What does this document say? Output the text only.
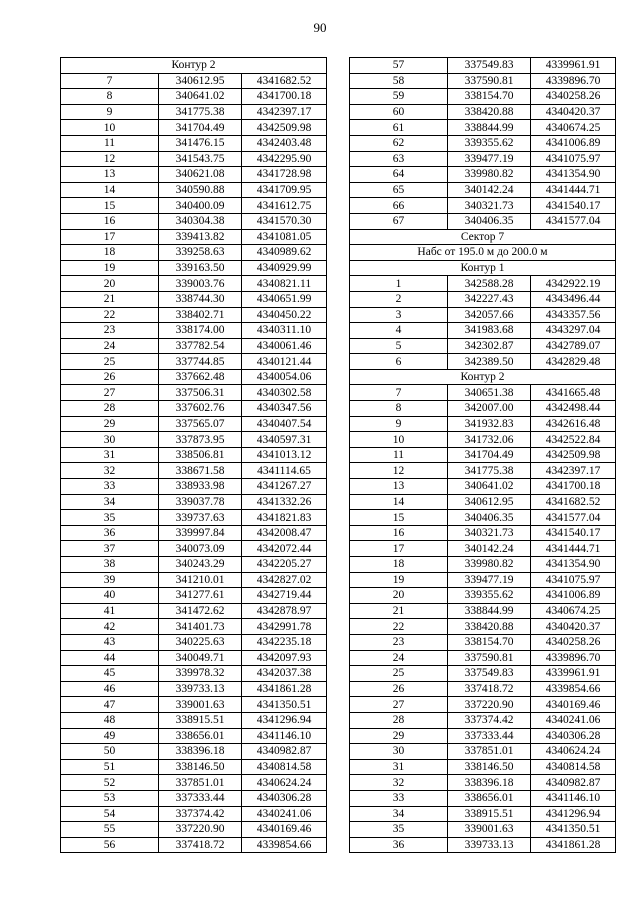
90
Контур 2		
7	340612.95	4341682.52
8	340641.02	4341700.18
9	341775.38	4342397.17
10	341704.49	4342509.98
11	341476.15	4342403.48
12	341543.75	4342295.90
13	340621.08	4341728.98
14	340590.88	4341709.95
15	340400.09	4341612.75
16	340304.38	4341570.30
17	339413.82	4341081.05
18	339258.63	4340989.62
19	339163.50	4340929.99
20	339003.76	4340821.11
21	338744.30	4340651.99
22	338402.71	4340450.22
23	338174.00	4340311.10
24	337782.54	4340061.46
25	337744.85	4340121.44
26	337662.48	4340054.06
27	337506.31	4340302.58
28	337602.76	4340347.56
29	337565.07	4340407.54
30	337873.95	4340597.31
31	338506.81	4341013.12
32	338671.58	4341114.65
33	338933.98	4341267.27
34	339037.78	4341332.26
35	339737.63	4341821.83
36	339997.84	4342008.47
37	340073.09	4342072.44
38	340243.29	4342205.27
39	341210.01	4342827.02
40	341277.61	4342719.44
41	341472.62	4342878.97
42	341401.73	4342991.78
43	340225.63	4342235.18
44	340049.71	4342097.93
45	339978.32	4342037.38
46	339733.13	4341861.28
47	339001.63	4341350.51
48	338915.51	4341296.94
49	338656.01	4341146.10
50	338396.18	4340982.87
51	338146.50	4340814.58
52	337851.01	4340624.24
53	337333.44	4340306.28
54	337374.42	4340241.06
55	337220.90	4340169.46
56	337418.72	4339854.66
57	337549.83	4339961.91
58	337590.81	4339896.70
59	338154.70	4340258.26
60	338420.88	4340420.37
61	338844.99	4340674.25
62	339355.62	4341006.89
63	339477.19	4341075.97
64	339980.82	4341354.90
65	340142.24	4341444.71
66	340321.73	4341540.17
67	340406.35	4341577.04
Сектор 7		
Набс от 195.0 м до 200.0 м		
Контур 1		
1	342588.28	4342922.19
2	342227.43	4343496.44
3	342057.66	4343357.56
4	341983.68	4343297.04
5	342302.87	4342789.07
6	342389.50	4342829.48
Контур 2		
7	340651.38	4341665.48
8	342007.00	4342498.44
9	341932.83	4342616.48
10	341732.06	4342522.84
11	341704.49	4342509.98
12	341775.38	4342397.17
13	340641.02	4341700.18
14	340612.95	4341682.52
15	340406.35	4341577.04
16	340321.73	4341540.17
17	340142.24	4341444.71
18	339980.82	4341354.90
19	339477.19	4341075.97
20	339355.62	4341006.89
21	338844.99	4340674.25
22	338420.88	4340420.37
23	338154.70	4340258.26
24	337590.81	4339896.70
25	337549.83	4339961.91
26	337418.72	4339854.66
27	337220.90	4340169.46
28	337374.42	4340241.06
29	337333.44	4340306.28
30	337851.01	4340624.24
31	338146.50	4340814.58
32	338396.18	4340982.87
33	338656.01	4341146.10
34	338915.51	4341296.94
35	339001.63	4341350.51
36	339733.13	4341861.28
